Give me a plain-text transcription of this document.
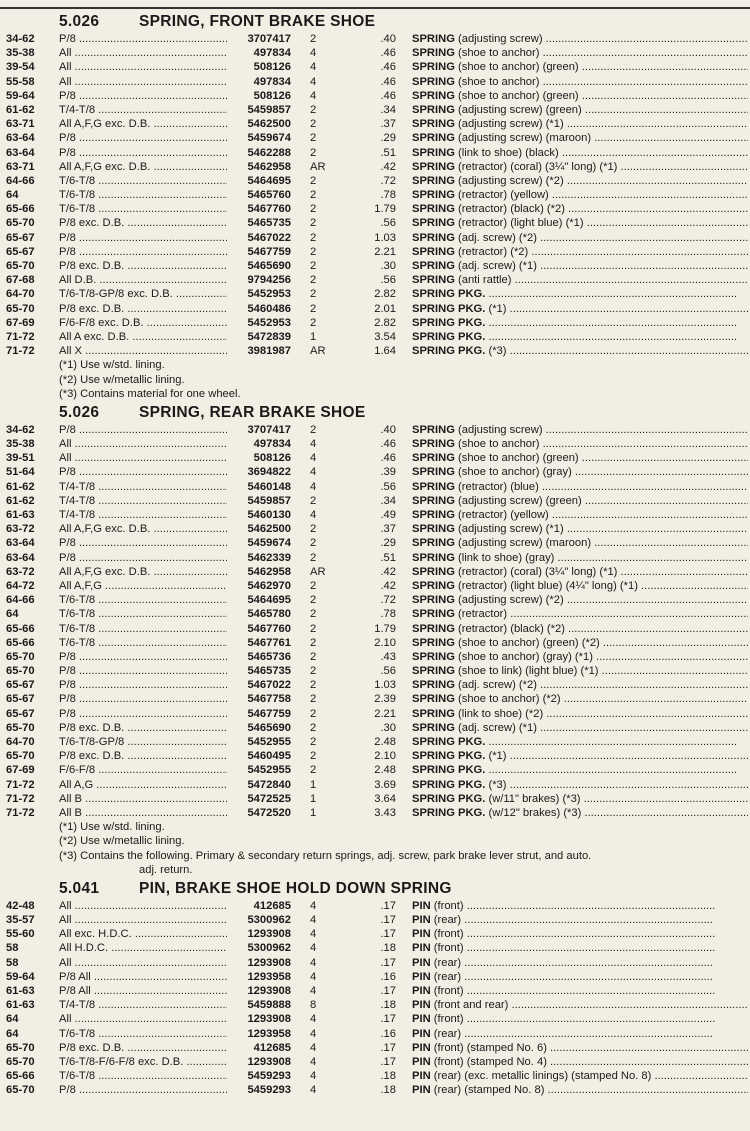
5.026	SPRING, FRONT BRAKE SHOE
34-62 P/8 .....	3707417 2	.40 SPRING (adjusting screw) .....
35-38 All .....	497834 4	.46 SPRING (shoe to anchor) .....
39-54 All .....	508126 4	.46 SPRING (shoe to anchor) (green) .....
55-58 All .....	497834 4	.46 SPRING (shoe to anchor) .....
59-64 P/8 .....	508126 4	.46 SPRING (shoe to anchor) (green) .....
61-62 T/4-T/8 .....	5459857 2	.34 SPRING (adjusting screw) (green) .....
63-71 All A,F,G exc. D.B. .....	5462500 2	.37 SPRING (adjusting screw) (*1) .....
63-64 P/8 .....	5459674 2	.29 SPRING (adjusting screw) (maroon) .....
63-64 P/8 .....	5462288 2	.51 SPRING (link to shoe) (black) .....
63-71 All A,F,G exc. D.B. .....	5462958 AR	.42 SPRING (retractor) (coral) (3¼" long) (*1) .....
64-66 T/6-T/8 .....	5464695 2	.72 SPRING (adjusting screw) (*2) .....
64	T/6-T/8 .....	5465760 2	.78 SPRING (retractor) (yellow) .....
65-66 T/6-T/8 .....	5467760 2	1.79 SPRING (retractor) (black) (*2) .....
65-70 P/8 exc. D.B. .....	5465735 2	.56 SPRING (retractor) (light blue) (*1) .....
65-67 P/8 .....	5467022 2	1.03 SPRING (adj. screw) (*2) .....
65-67 P/8 .....	5467759 2	2.21 SPRING (retractor) (*2) .....
65-70 P/8 exc. D.B. .....	5465690 2	.30 SPRING (adj. screw) (*1) .....
67-68 All D.B. .....	9794256 2	.56 SPRING (anti rattle) .....
64-70 T/6-T/8-GP/8 exc. D.B. .....	5452953 2	2.82 SPRING PKG. .....
65-70 P/8 exc. D.B. .....	5460486 2	2.01 SPRING PKG. (*1) .....
67-69 F/6-F/8 exc. D.B. .....	5452953 2	2.82 SPRING PKG. .....
71-72 All A exc. D.B. .....	5472839 1	3.54 SPRING PKG. .....
71-72 All X .....	3981987 AR	1.64 SPRING PKG. (*3) .....
(*1) Use w/std. lining.
(*2) Use w/metallic lining.
(*3) Contains material for one wheel.
5.026	SPRING, REAR BRAKE SHOE
34-62 P/8 .....	3707417 2	.40 SPRING (adjusting screw) .....
35-38 All .....	497834 4	.46 SPRING (shoe to anchor) .....
39-51 All .....	508126 4	.46 SPRING (shoe to anchor) (green) .....
51-64 P/8 .....	3694822 4	.39 SPRING (shoe to anchor) (gray) .....
61-62 T/4-T/8 .....	5460148 4	.56 SPRING (retractor) (blue) .....
61-62 T/4-T/8 .....	5459857 2	.34 SPRING (adjusting screw) (green) .....
61-63 T/4-T/8 .....	5460130 4	.49 SPRING (retractor) (yellow) .....
63-72 All A,F,G exc. D.B. .....	5462500 2	.37 SPRING (adjusting screw) (*1) .....
63-64 P/8 .....	5459674 2	.29 SPRING (adjusting screw) (maroon) .....
63-64 P/8 .....	5462339 2	.51 SPRING (link to shoe) (gray) .....
63-72 All A,F,G exc. D.B. .....	5462958 AR	.42 SPRING (retractor) (coral) (3¼" long) (*1) .....
64-72 All A,F,G .....	5462970 2	.42 SPRING (retractor) (light blue) (4¼" long) (*1) .....
64-66 T/6-T/8 .....	5464695 2	.72 SPRING (adjusting screw) (*2) .....
64	T/6-T/8 .....	5465780 2	.78 SPRING (retractor) .....
65-66 T/6-T/8 .....	5467760 2	1.79 SPRING (retractor) (black) (*2) .....
65-66 T/6-T/8 .....	5467761 2	2.10 SPRING (shoe to anchor) (green) (*2) .....
65-70 P/8 .....	5465736 2	.43 SPRING (shoe to anchor) (gray) (*1) .....
65-70 P/8 .....	5465735 2	.56 SPRING (shoe to link) (light blue) (*1) .....
65-67 P/8 .....	5467022 2	1.03 SPRING (adj. screw) (*2) .....
65-67 P/8 .....	5467758 2	2.39 SPRING (shoe to anchor) (*2) .....
65-67 P/8 .....	5467759 2	2.21 SPRING (link to shoe) (*2) .....
65-70 P/8 exc. D.B. .....	5465690 2	.30 SPRING (adj. screw) (*1) .....
64-70 T/6-T/8-GP/8 .....	5452955 2	2.48 SPRING PKG. .....
65-70 P/8 exc. D.B. .....	5460495 2	2.10 SPRING PKG. (*1) .....
67-69 F/6-F/8 .....	5452955 2	2.48 SPRING PKG. .....
71-72 All A,G .....	5472840 1	3.69 SPRING PKG. (*3) .....
71-72 All B .....	5472525 1	3.64 SPRING PKG. (w/11" brakes) (*3) .....
71-72 All B .....	5472520 1	3.43 SPRING PKG. (w/12" brakes) (*3) .....
(*1) Use w/std. lining.
(*2) Use w/metallic lining.
(*3) Contains the following. Primary & secondary return springs, adj. screw, park brake lever strut, and auto.
adj. return.
5.041	PIN, BRAKE SHOE HOLD DOWN SPRING
42-48 All .....	412685 4	.17 PIN (front) .....
35-57 All .....	5300962 4	.17 PIN (rear) .....
55-60 All exc. H.D.C. .....	1293908 4	.17 PIN (front) .....
58	All H.D.C. .....	5300962 4	.18 PIN (front) .....
58	All .....	1293908 4	.17 PIN (rear) .....
59-64 P/8 All .....	1293958 4	.16 PIN (rear) .....
61-63 P/8 All .....	1293908 4	.17 PIN (front) .....
61-63 T/4-T/8 .....	5459888 8	.18 PIN (front and rear) .....
64	All .....	1293908 4	.17 PIN (front) .....
64	T/6-T/8 .....	1293958 4	.16 PIN (rear) .....
65-70 P/8 exc. D.B. .....	412685 4	.17 PIN (front) (stamped No. 6) .....
65-70 T/6-T/8-F/6-F/8 exc. D.B. .....	1293908 4	.17 PIN (front) (stamped No. 4) .....
65-66 T/6-T/8 .....	5459293 4	.18 PIN (rear) (exc. metallic linings) (stamped No. 8) .....
65-70 P/8 .....	5459293 4	.18 PIN (rear) (stamped No. 8) .....
